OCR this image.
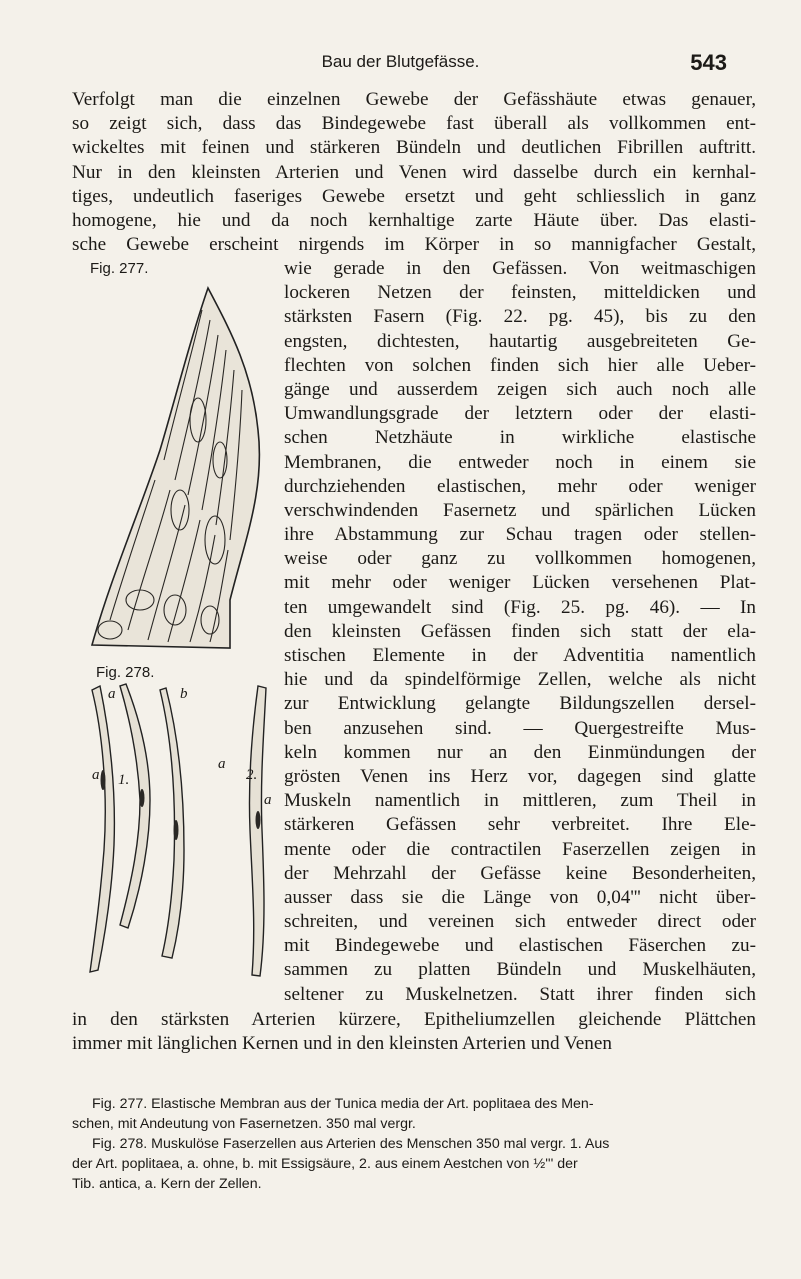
Bau der Blutgefässe.	543
Verfolgt man die einzelnen Gewebe der Gefässhäute etwas genauer,
so zeigt sich, dass das Bindegewebe fast überall als vollkommen ent-
wickeltes mit feinen und stärkeren Bündeln und deutlichen Fibrillen auftritt.
Nur in den kleinsten Arterien und Venen wird dasselbe durch ein kernhal-
tiges, undeutlich faseriges Gewebe ersetzt und geht schliesslich in ganz
homogene, hie und da noch kernhaltige zarte Häute über. Das elasti-
sche Gewebe erscheint nirgends im Körper in so mannigfacher Gestalt,
wie gerade in den Gefässen. Von weitmaschigen
lockeren Netzen der feinsten, mitteldicken und
stärksten Fasern (Fig. 22. pg. 45), bis zu den
engsten, dichtesten, hautartig ausgebreiteten Ge-
flechten von solchen finden sich hier alle Ueber-
gänge und ausserdem zeigen sich auch noch alle
Umwandlungsgrade der letztern oder der elasti-
schen Netzhäute in wirkliche elastische
Membranen, die entweder noch in einem sie
durchziehenden elastischen, mehr oder weniger
verschwindenden Fasernetz und spärlichen Lücken
ihre Abstammung zur Schau tragen oder stellen-
weise oder ganz zu vollkommen homogenen,
mit mehr oder weniger Lücken versehenen Plat-
ten umgewandelt sind (Fig. 25. pg. 46). — In
den kleinsten Gefässen finden sich statt der ela-
stischen Elemente in der Adventitia namentlich
hie und da spindelförmige Zellen, welche als nicht
zur Entwicklung gelangte Bildungszellen dersel-
ben anzusehen sind. — Quergestreifte Mus-
keln kommen nur an den Einmündungen der
grösten Venen ins Herz vor, dagegen sind glatte
Muskeln namentlich in mittleren, zum Theil in
stärkeren Gefässen sehr verbreitet. Ihre Ele-
mente oder die contractilen Faserzellen zeigen in
der Mehrzahl der Gefässe keine Besonderheiten,
ausser dass sie die Länge von 0,04''' nicht über-
schreiten, und vereinen sich entweder direct oder
mit Bindegewebe und elastischen Fäserchen zu-
sammen zu platten Bündeln und Muskelhäuten,
seltener zu Muskelnetzen. Statt ihrer finden sich
in den stärksten Arterien kürzere, Epitheliumzellen gleichende Plättchen
immer mit länglichen Kernen und in den kleinsten Arterien und Venen
Fig. 277.
Fig. 278.
a	b
a 1.	2.
a
a

Fig. 277. Elastische Membran aus der Tunica media der Art. poplitaea des Men-

schen, mit Andeutung von Fasernetzen. 350 mal vergr.

Fig. 278. Muskulöse Faserzellen aus Arterien des Menschen 350 mal vergr. 1. Aus

der Art. poplitaea, a. ohne, b. mit Essigsäure, 2. aus einem Aestchen von ½''' der

Tib. antica, a. Kern der Zellen.
